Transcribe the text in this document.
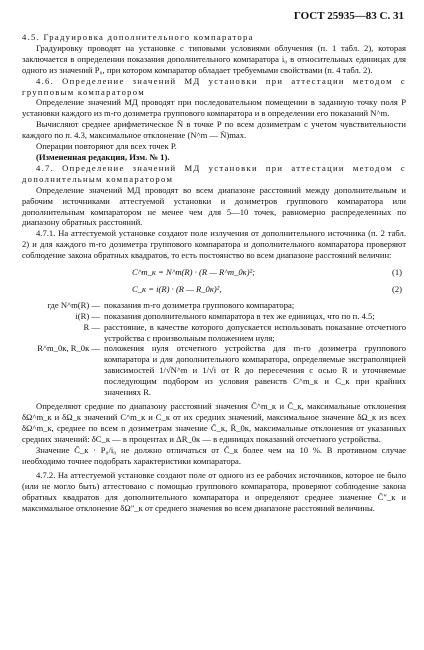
ГОСТ 25935—83 С. 31

4.5. Градуировка дополнительного компаратора

Градуировку проводят на установке с типовыми условиями облучения (п. 1 табл. 2), которая заключается в определении показания дополнительного компаратора i₀ в относительных единицах для одного из значений P₀, при котором компаратор обладает требуемыми свойствами (п. 4 табл. 2).

4.6. Определение значений МД установки при аттестации методом с групповым компаратором

Определение значений МД проводят при последовательном помещении в заданную точку поля P установки каждого из m-го дозиметра группового компаратора и в определении его показаний N^m.

Вычисляют среднее арифметическое N̄ в точке P по всем дозиметрам с учетом чувствительности каждого по п. 4.3, максимальное отклонение (N^m — N̄)max.

Операции повторяют для всех точек P.

(Измененная редакция, Изм. № 1).

4.7. Определение значений МД установки при аттестации методом с дополнительным компаратором

Определение значений МД проводят во всем диапазоне расстояний между дополнительным и рабочим источниками аттестуемой установки и дозиметров группового компаратора или дополнительным компаратором не менее чем для 5—10 точек, равномерно распределенных по диапазону обратных расстояний.

4.7.1. На аттестуемой установке создают поле излучения от дополнительного источника (п. 2 табл. 2) и для каждого m-го дозиметра группового компаратора и дополнительного компаратора проверяют соблюдение закона обратных квадратов, то есть постоянство во всем диапазоне расстояний величин:

C^m_к = N^m(R) · (R — R^m_0к)²;	(1)
C_к = i(R) · (R — R_0к)²,	(2)
где N^m(R) — показания m-го дозиметра группового компаратора;
i(R) — показания дополнительного компаратора в тех же единицах, что по п. 4.5;
R — расстояние, в качестве которого допускается использовать показание отсчетного устройства с произвольным положением нуля;
R^m_0к, R_0к — положения нуля отсчетного устройства для m-го дозиметра группового компаратора и для дополнительного компаратора, определяемые экстраполяцией зависимостей 1/√N^m и 1/√i от R до пересечения с осью R и уточняемые последующим подбором из условия равенств C^m_к и C_к при крайних значениях R.

Определяют средние по диапазону расстояний значения C̄^m_к и C̄_к, максимальные отклонения δΩ^m_к и δΩ_к значений C^m_к и C_к от их средних значений, максимальное значение δΩ_к из всех δΩ^m_к, среднее по всем n дозиметрам значение C̄_к, R̄_0к, максимальные отклонения от указанных средних значений: δC_к — в процентах и ΔR_0к — в единицах показаний отсчетного устройства.

Значение C̄_к · P₀/i₀ не должно отличаться от C̄_к более чем на 10 %. В противном случае необходимо точнее подобрать характеристики компаратора.

4.7.2. На аттестуемой установке создают поле от одного из ее рабочих источников, которое не было (или не могло быть) аттестовано с помощью группового компаратора, проверяют соблюдение закона обратных квадратов для дополнительного компаратора и определяют среднее значение C̄″_к и максимальное отклонение δΩ″_к от среднего значения во всем диапазоне расстояний величины.
